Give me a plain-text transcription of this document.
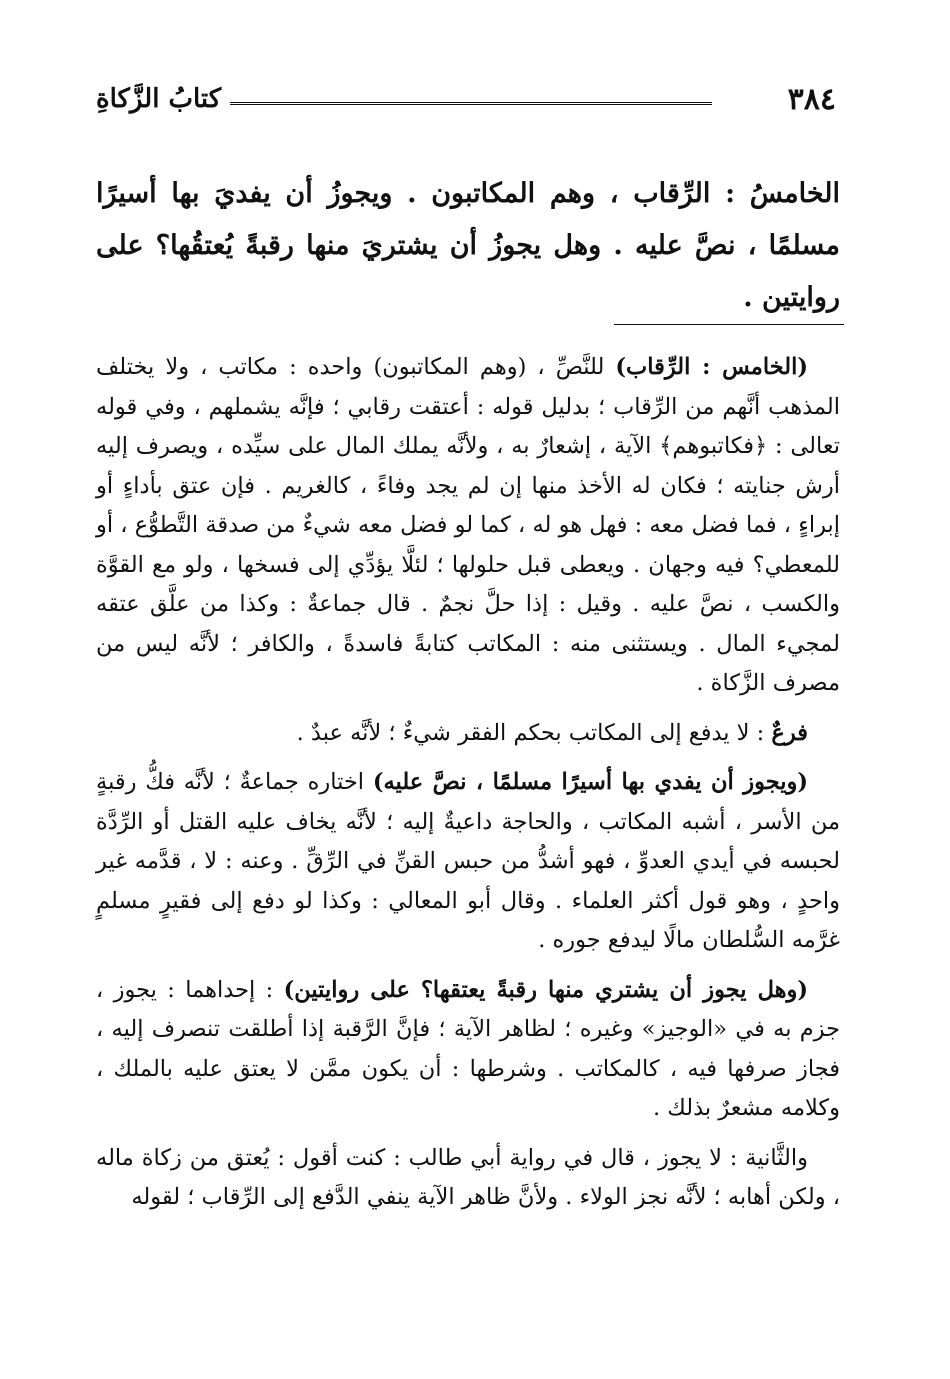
٣٨٤
كتابُ الزَّكاةِ

الخامسُ : الرِّقاب ، وهم المكاتبون . ويجوزُ أن يفديَ بها أسيرًا مسلمًا ، نصَّ عليه . وهل يجوزُ أن يشتريَ منها رقبةً يُعتقُها؟ على روايتين .

(الخامس : الرِّقاب) للنَّصِّ ، (وهم المكاتبون) واحده : مكاتب ، ولا يختلف المذهب أنَّهم من الرِّقاب ؛ بدليل قوله : أعتقت رقابي ؛ فإنَّه يشملهم ، وفي قوله تعالى : ﴿فكاتبوهم﴾ الآية ، إشعارٌ به ، ولأنَّه يملك المال على سيِّده ، ويصرف إليه أرش جنايته ؛ فكان له الأخذ منها إن لم يجد وفاءً ، كالغريم . فإن عتق بأداءٍ أو إبراءٍ ، فما فضل معه : فهل هو له ، كما لو فضل معه شيءٌ من صدقة التَّطوُّع ، أو للمعطي؟ فيه وجهان . ويعطى قبل حلولها ؛ لئلَّا يؤدِّي إلى فسخها ، ولو مع القوَّة والكسب ، نصَّ عليه . وقيل : إذا حلَّ نجمٌ . قال جماعةٌ : وكذا من علَّق عتقه لمجيء المال . ويستثنى منه : المكاتب كتابةً فاسدةً ، والكافر ؛ لأنَّه ليس من مصرف الزَّكاة .

فرعٌ : لا يدفع إلى المكاتب بحكم الفقر شيءٌ ؛ لأنَّه عبدٌ .

(ويجوز أن يفدي بها أسيرًا مسلمًا ، نصَّ عليه) اختاره جماعةٌ ؛ لأنَّه فكُّ رقبةٍ من الأسر ، أشبه المكاتب ، والحاجة داعيةٌ إليه ؛ لأنَّه يخاف عليه القتل أو الرِّدَّة لحبسه في أيدي العدوِّ ، فهو أشدُّ من حبس القنِّ في الرِّقِّ . وعنه : لا ، قدَّمه غير واحدٍ ، وهو قول أكثر العلماء . وقال أبو المعالي : وكذا لو دفع إلى فقيرٍ مسلمٍ غرَّمه السُّلطان مالًا ليدفع جوره .

(وهل يجوز أن يشتري منها رقبةً يعتقها؟ على روايتين) : إحداهما : يجوز ، جزم به في «الوجيز» وغيره ؛ لظاهر الآية ؛ فإنَّ الرَّقبة إذا أطلقت تنصرف إليه ، فجاز صرفها فيه ، كالمكاتب . وشرطها : أن يكون ممَّن لا يعتق عليه بالملك ، وكلامه مشعرٌ بذلك .

والثَّانية : لا يجوز ، قال في رواية أبي طالب : كنت أقول : يُعتق من زكاة ماله ، ولكن أهابه ؛ لأنَّه نجز الولاء . ولأنَّ ظاهر الآية ينفي الدَّفع إلى الرِّقاب ؛ لقوله
